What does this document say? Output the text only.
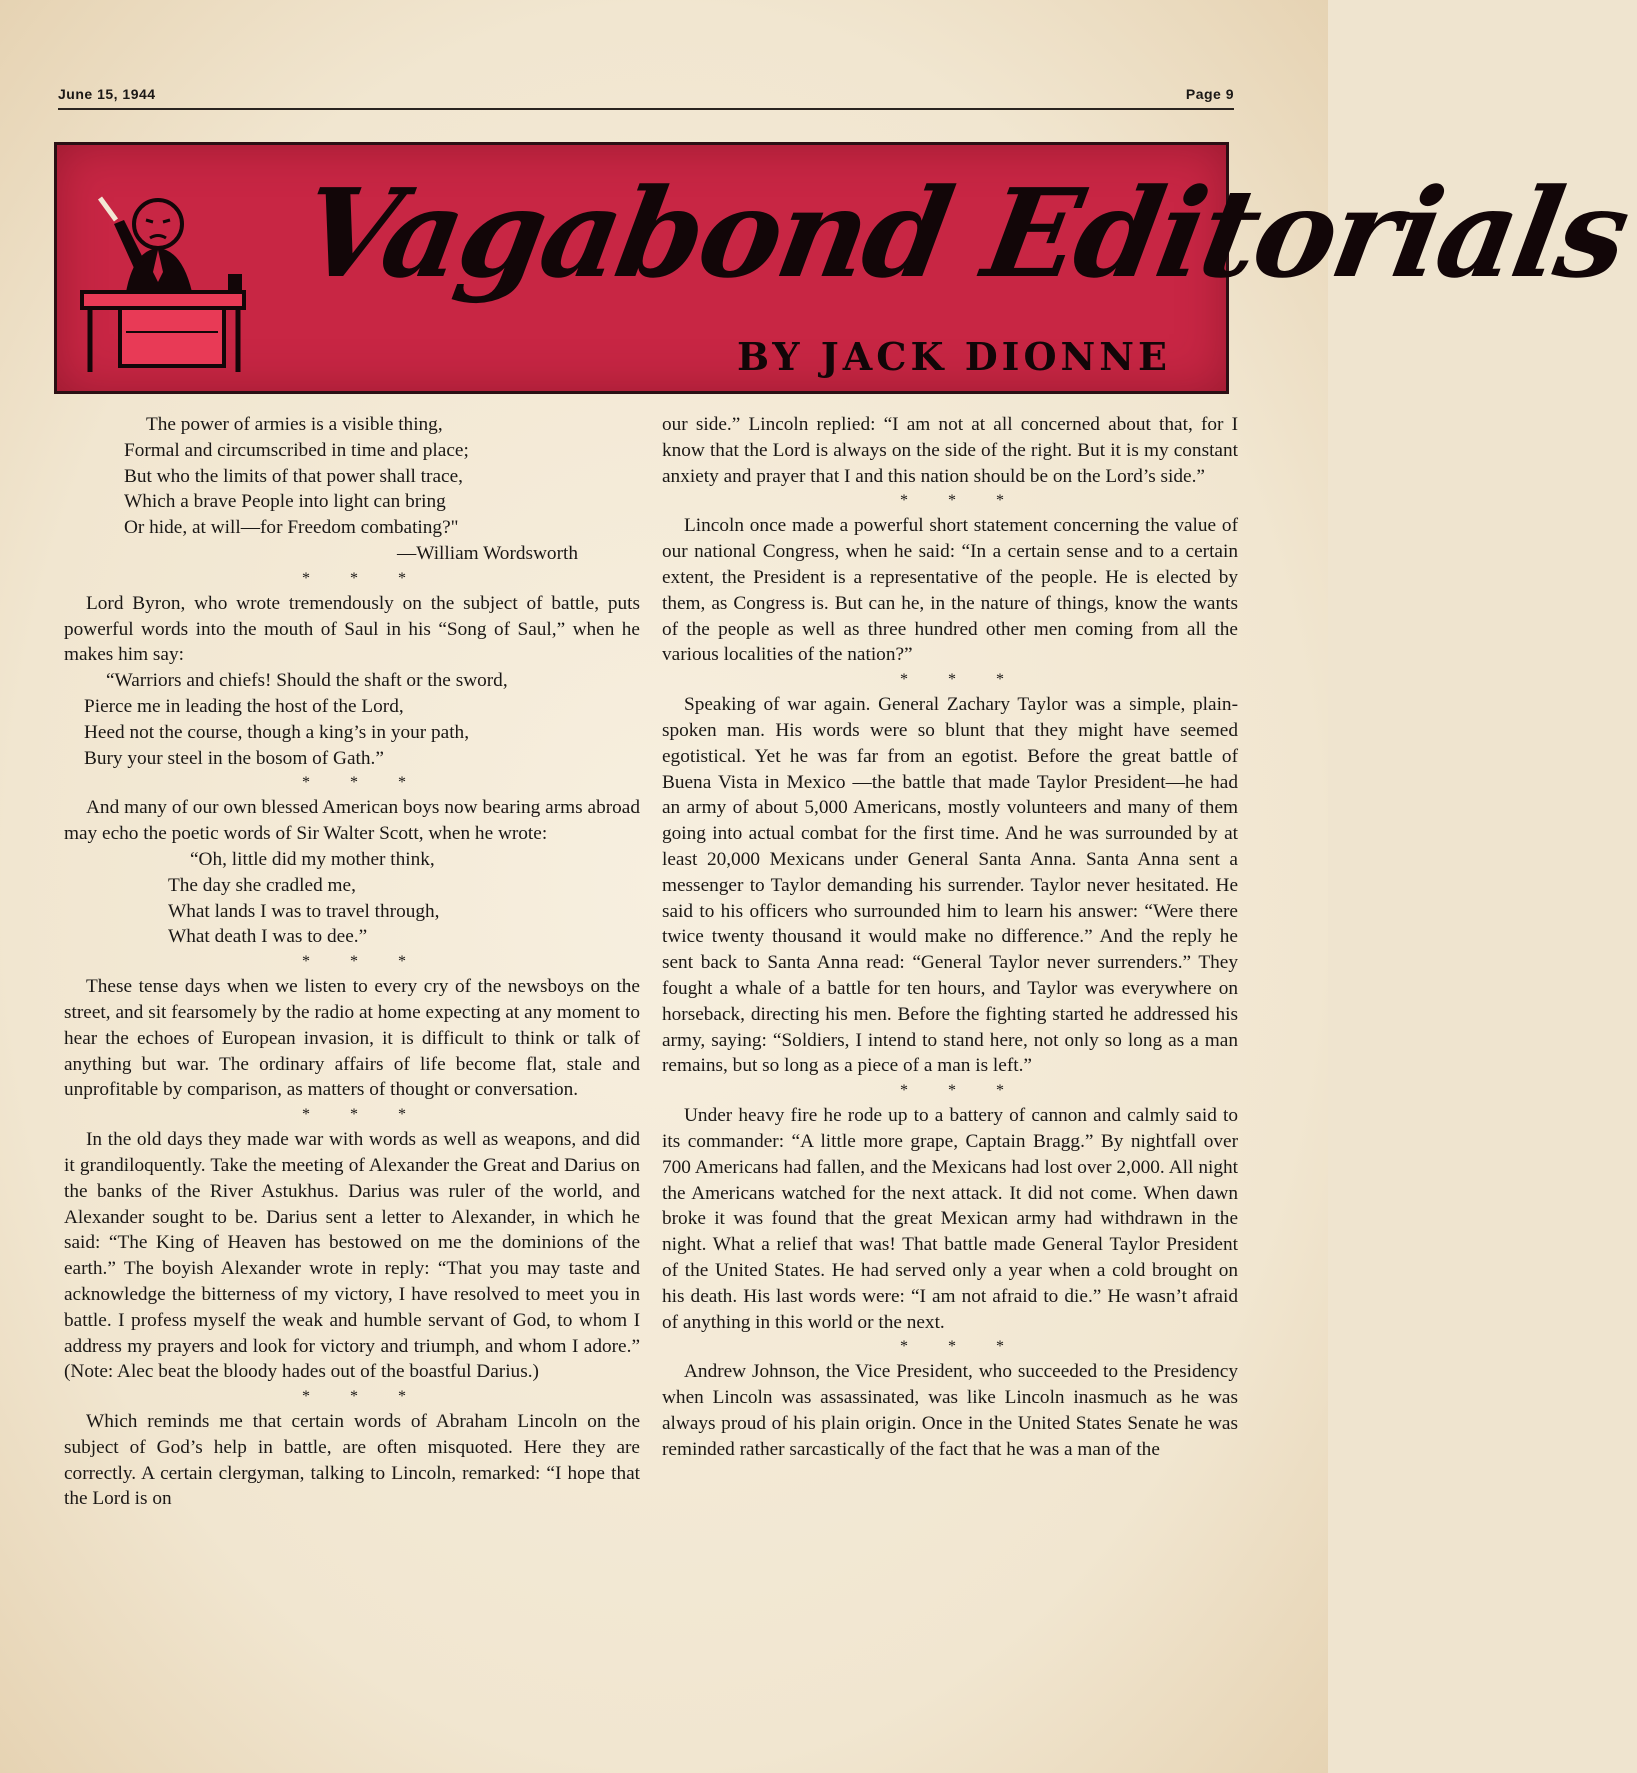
June 15, 1944	Page 9
Vagabond Editorials
BY JACK DIONNE

The power of armies is a visible thing,
Formal and circumscribed in time and place;
But who the limits of that power shall trace,
Which a brave People into light can bring
Or hide, at will—for Freedom combating?"

—William Wordsworth

* * *

Lord Byron, who wrote tremendously on the subject of battle, puts powerful words into the mouth of Saul in his “Song of Saul,” when he makes him say:

“Warriors and chiefs! Should the shaft or the sword,
Pierce me in leading the host of the Lord,
Heed not the course, though a king’s in your path,
Bury your steel in the bosom of Gath.”

* * *

And many of our own blessed American boys now bearing arms abroad may echo the poetic words of Sir Walter Scott, when he wrote:

“Oh, little did my mother think,
The day she cradled me,
What lands I was to travel through,
What death I was to dee.”

* * *

These tense days when we listen to every cry of the newsboys on the street, and sit fearsomely by the radio at home expecting at any moment to hear the echoes of European invasion, it is difficult to think or talk of anything but war. The ordinary affairs of life become flat, stale and unprofitable by comparison, as matters of thought or conversation.

* * *

In the old days they made war with words as well as weapons, and did it grandiloquently. Take the meeting of Alexander the Great and Darius on the banks of the River Astukhus. Darius was ruler of the world, and Alexander sought to be. Darius sent a letter to Alexander, in which he said: “The King of Heaven has bestowed on me the dominions of the earth.” The boyish Alexander wrote in reply: “That you may taste and acknowledge the bitterness of my victory, I have resolved to meet you in battle. I profess myself the weak and humble servant of God, to whom I address my prayers and look for victory and triumph, and whom I adore.” (Note: Alec beat the bloody hades out of the boastful Darius.)

* * *

Which reminds me that certain words of Abraham Lincoln on the subject of God’s help in battle, are often misquoted. Here they are correctly. A certain clergyman, talking to Lincoln, remarked: “I hope that the Lord is on

our side.” Lincoln replied: “I am not at all concerned about that, for I know that the Lord is always on the side of the right. But it is my constant anxiety and prayer that I and this nation should be on the Lord’s side.”

* * *

Lincoln once made a powerful short statement concerning the value of our national Congress, when he said: “In a certain sense and to a certain extent, the President is a representative of the people. He is elected by them, as Congress is. But can he, in the nature of things, know the wants of the people as well as three hundred other men coming from all the various localities of the nation?”

* * *

Speaking of war again. General Zachary Taylor was a simple, plain-spoken man. His words were so blunt that they might have seemed egotistical. Yet he was far from an egotist. Before the great battle of Buena Vista in Mexico —the battle that made Taylor President—he had an army of about 5,000 Americans, mostly volunteers and many of them going into actual combat for the first time. And he was surrounded by at least 20,000 Mexicans under General Santa Anna. Santa Anna sent a messenger to Taylor demanding his surrender. Taylor never hesitated. He said to his officers who surrounded him to learn his answer: “Were there twice twenty thousand it would make no difference.” And the reply he sent back to Santa Anna read: “General Taylor never surrenders.” They fought a whale of a battle for ten hours, and Taylor was everywhere on horseback, directing his men. Before the fighting started he addressed his army, saying: “Soldiers, I intend to stand here, not only so long as a man remains, but so long as a piece of a man is left.”

* * *

Under heavy fire he rode up to a battery of cannon and calmly said to its commander: “A little more grape, Captain Bragg.” By nightfall over 700 Americans had fallen, and the Mexicans had lost over 2,000. All night the Americans watched for the next attack. It did not come. When dawn broke it was found that the great Mexican army had withdrawn in the night. What a relief that was! That battle made General Taylor President of the United States. He had served only a year when a cold brought on his death. His last words were: “I am not afraid to die.” He wasn’t afraid of anything in this world or the next.

* * *

Andrew Johnson, the Vice President, who succeeded to the Presidency when Lincoln was assassinated, was like Lincoln inasmuch as he was always proud of his plain origin. Once in the United States Senate he was reminded rather sarcastically of the fact that he was a man of the
